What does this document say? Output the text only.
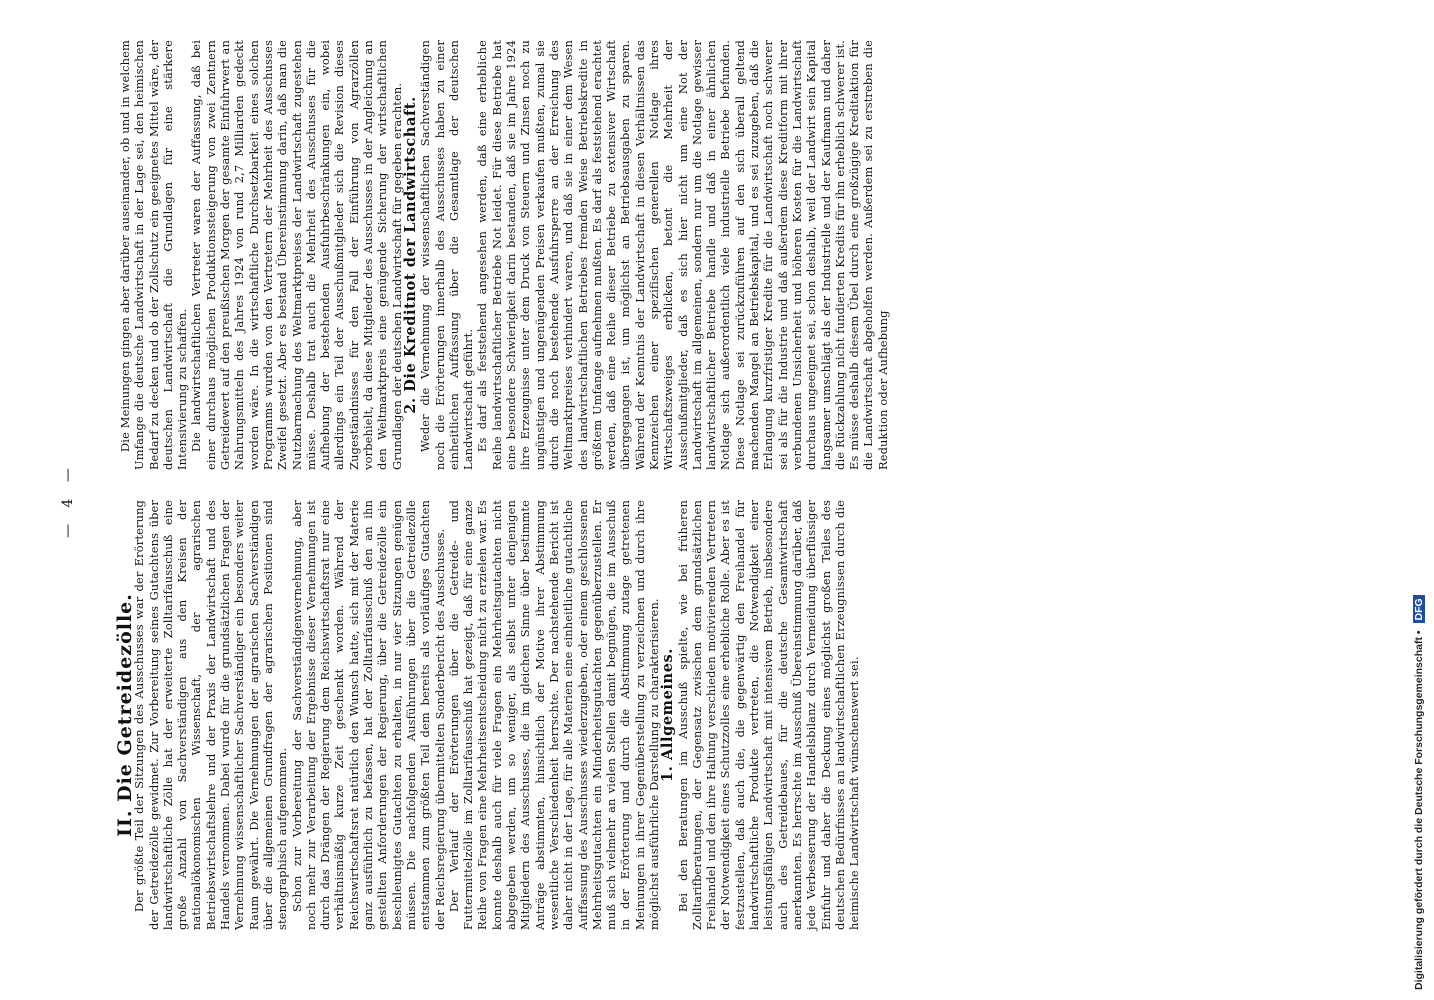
— 4 —

II. Die Getreidezölle.

Der größte Teil der Sitzungen des Ausschusses war der Erörterung der Getreidezölle gewidmet. Zur Vorbereitung seines Gutachtens über landwirtschaftliche Zölle hat der erweiterte Zolltarifausschuß eine große Anzahl von Sachverständigen aus den Kreisen der nationalökonomischen Wissenschaft, der agrarischen Betriebswirtschaftslehre und der Praxis der Landwirtschaft und des Handels vernommen. Dabei wurde für die grundsätzlichen Fragen der Vernehmung wissenschaftlicher Sachverständiger ein besonders weiter Raum gewährt. Die Vernehmungen der agrarischen Sachverständigen über die allgemeinen Grundfragen der agrarischen Positionen sind stenographisch aufgenommen. Schon zur Vorbereitung der Sachverständigenvernehmung, aber noch mehr zur Verarbeitung der Ergebnisse dieser Vernehmungen ist durch das Drängen der Regierung dem Reichswirtschaftsrat nur eine verhältnismäßig kurze Zeit geschenkt worden. Während der Reichswirtschaftsrat natürlich den Wunsch hatte, sich mit der Materie ganz ausführlich zu befassen, hat der Zolltarifausschuß den an ihn gestellten Anforderungen der Regierung, über die Getreidezölle ein beschleunigtes Gutachten zu erhalten, in nur vier Sitzungen genügen müssen. Die nachfolgenden Ausführungen über die Getreidezölle entstammen zum größten Teil dem bereits als vorläufiges Gutachten der Reichsregierung übermittelten Sonderbericht des Ausschusses. Der Verlauf der Erörterungen über die Getreide- und Futtermittelzölle im Zolltarifausschuß hat gezeigt, daß für eine ganze Reihe von Fragen eine Mehrheitsentscheidung nicht zu erzielen war. Es konnte deshalb auch für viele Fragen ein Mehrheitsgutachten nicht abgegeben werden, um so weniger, als selbst unter denjenigen Mitgliedern des Ausschusses, die im gleichen Sinne über bestimmte Anträge abstimmten, hinsichtlich der Motive ihrer Abstimmung wesentliche Verschiedenheit herrschte. Der nachstehende Bericht ist daher nicht in der Lage, für alle Materien eine einheitliche gutachtliche Auffassung des Ausschusses wiederzugeben, oder einem geschlossenen Mehrheitsgutachten ein Minderheitsgutachten gegenüberzustellen. Er muß sich vielmehr an vielen Stellen damit begnügen, die im Ausschuß in der Erörterung und durch die Abstimmung zutage getretenen Meinungen in ihrer Gegenüberstellung zu verzeichnen und durch ihre möglichst ausführliche Darstellung zu charakterisieren.

1. Allgemeines. Bei den Beratungen im Ausschuß spielte, wie bei früheren Zolltarifberatungen, der Gegensatz zwischen dem grundsätzlichen Freihandel und den ihre Haltung verschieden motivierenden Vertretern der Notwendigkeit eines Schutzzolles eine erhebliche Rolle. Aber es ist festzustellen, daß auch die, die gegenwärtig den Freihandel für landwirtschaftliche Produkte vertreten, die Notwendigkeit einer leistungsfähigen Landwirtschaft mit intensivem Betrieb, insbesondere auch des Getreidebaues, für die deutsche Gesamtwirtschaft anerkannten. Es herrschte im Ausschuß Übereinstimmung darüber, daß jede Verbesserung der Handelsbilanz durch Vermeidung überflüssiger Einfuhr und daher die Deckung eines möglichst großen Teiles des deutschen Bedürfnisses an landwirtschaftlichen Erzeugnissen durch die heimische Landwirtschaft wünschenswert sei.

Die Meinungen gingen aber darüber auseinander, ob und in welchem Umfange die deutsche Landwirtschaft in der Lage sei, den heimischen Bedarf zu decken und ob der Zollschutz ein geeignetes Mittel wäre, der deutschen Landwirtschaft die Grundlagen für eine stärkere Intensivierung zu schaffen. Die landwirtschaftlichen Vertreter waren der Auffassung, daß bei einer durchaus möglichen Produktionssteigerung von zwei Zentnern Getreidewert auf den preußischen Morgen der gesamte Einfuhrwert an Nahrungsmitteln des Jahres 1924 von rund 2,7 Milliarden gedeckt worden wäre. In die wirtschaftliche Durchsetzbarkeit eines solchen Programms wurden von den Vertretern der Mehrheit des Ausschusses Zweifel gesetzt. Aber es bestand Übereinstimmung darin, daß man die Nutzbarmachung des Weltmarktpreises der Landwirtschaft zugestehen müsse. Deshalb trat auch die Mehrheit des Ausschusses für die Aufhebung der bestehenden Ausfuhrbeschränkungen ein, wobei allerdings ein Teil der Ausschußmitglieder sich die Revision dieses Zugeständnisses für den Fall der Einführung von Agrarzöllen vorbehielt, da diese Mitglieder des Ausschusses in der Angleichung an den Weltmarktpreis eine genügende Sicherung der wirtschaftlichen Grundlagen der deutschen Landwirtschaft für gegeben erachten.

2. Die Kreditnot der Landwirtschaft. Weder die Vernehmung der wissenschaftlichen Sachverständigen noch die Erörterungen innerhalb des Ausschusses haben zu einer einheitlichen Auffassung über die Gesamtlage der deutschen Landwirtschaft geführt. Es darf als feststehend angesehen werden, daß eine erhebliche Reihe landwirtschaftlicher Betriebe Not leidet. Für diese Betriebe hat eine besondere Schwierigkeit darin bestanden, daß sie im Jahre 1924 ihre Erzeugnisse unter dem Druck von Steuern und Zinsen noch zu ungünstigen und ungenügenden Preisen verkaufen mußten, zumal sie durch die noch bestehende Ausfuhrsperre an der Erreichung des Weltmarktpreises verhindert waren, und daß sie in einer dem Wesen des landwirtschaftlichen Betriebes fremden Weise Betriebskredite in größtem Umfange aufnehmen mußten. Es darf als feststehend erachtet werden, daß eine Reihe dieser Betriebe zu extensiver Wirtschaft übergegangen ist, um möglichst an Betriebsausgaben zu sparen. Während der Kenntnis der Landwirtschaft in diesen Verhältnissen das Kennzeichen einer spezifischen generellen Notlage ihres Wirtschaftszweiges erblicken, betont die Mehrheit der Ausschußmitglieder, daß es sich hier nicht um eine Not der Landwirtschaft im allgemeinen, sondern nur um die Notlage gewisser landwirtschaftlicher Betriebe handle und daß in einer ähnlichen Notlage sich außerordentlich viele industrielle Betriebe befunden. Diese Notlage sei zurückzuführen auf den sich überall geltend machenden Mangel an Betriebskapital, und es sei zuzugeben, daß die Erlangung kurzfristiger Kredite für die Landwirtschaft noch schwerer sei als für die Industrie und daß außerdem diese Kreditform mit ihrer verbundenen Unsicherheit und höheren Kosten für die Landwirtschaft durchaus ungeeignet sei, schon deshalb, weil der Landwirt sein Kapital langsamer umschlägt als der Industrielle und der Kaufmann und daher die Rückzahlung nicht fundierten Kredits für ihn erheblich schwerer ist. Es müsse deshalb diesem Übel durch eine großzügige Kreditaktion für die Landwirtschaft abgeholfen werden. Außerdem sei zu erstreben die Reduktion oder Aufhebung

Digitalisierung gefördert durch die Deutsche Forschungsgemeinschaft • DFG
